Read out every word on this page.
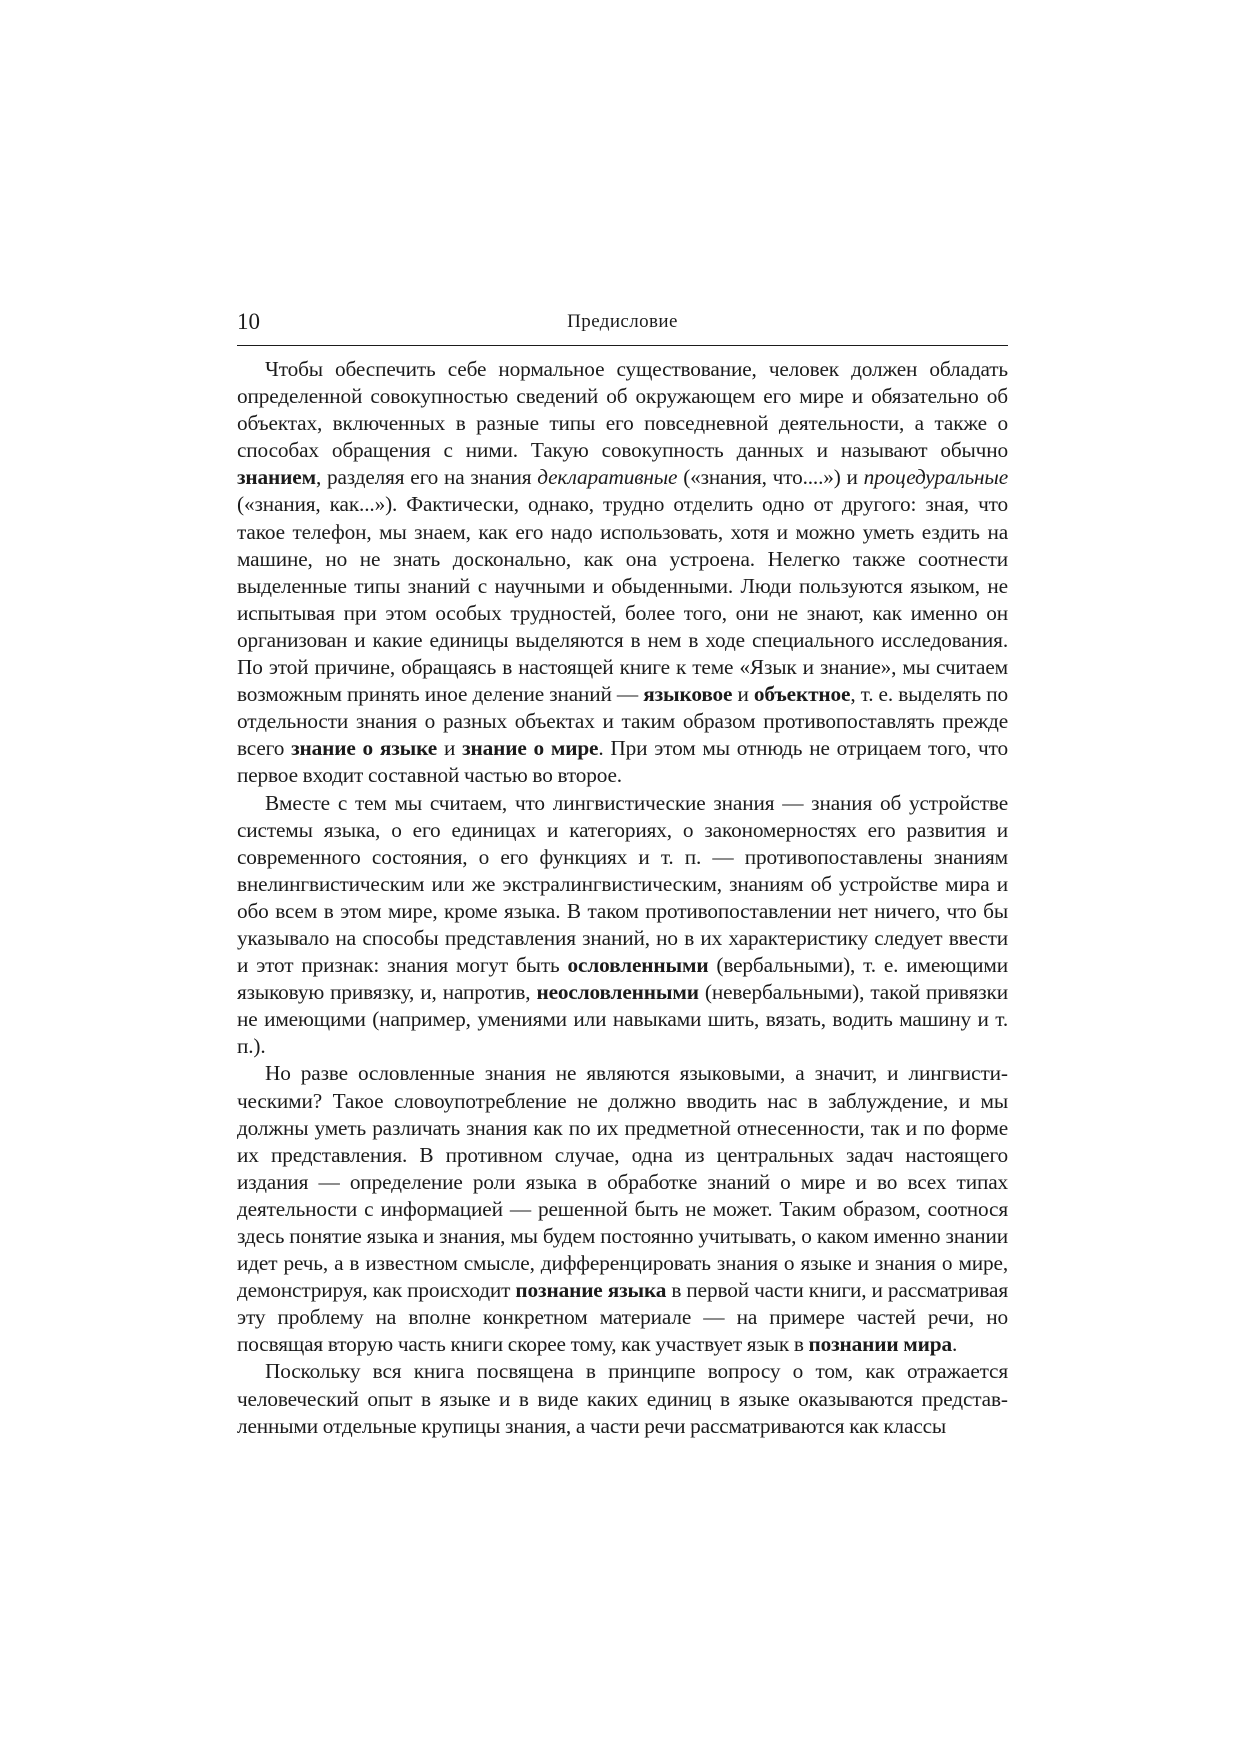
10	Предисловие

Чтобы обеспечить себе нормальное существование, человек должен обладать определенной совокупностью сведений об окружающем его мире и обязательно об объектах, включенных в разные типы его повседневной деятельности, а также о способах обращения с ними. Такую совокупность данных и называют обычно знанием, разделяя его на знания декларативные («знания, что....») и процедуральные («знания, как...»). Фактически, однако, трудно отделить одно от другого: зная, что такое телефон, мы знаем, как его надо использовать, хотя и можно уметь ездить на машине, но не знать досконально, как она устроена. Нелегко также соотнести выделенные типы знаний с научными и обыденными. Люди пользуются языком, не испытывая при этом особых трудностей, более того, они не знают, как именно он организован и какие единицы выделяются в нем в ходе специального исследования. По этой причине, обращаясь в настоящей книге к теме «Язык и знание», мы считаем возможным принять иное деление знаний — языковое и объектное, т. е. выделять по отдельности знания о разных объектах и таким образом противопоставлять прежде всего знание о языке и знание о мире. При этом мы отнюдь не отрицаем того, что первое входит составной частью во второе.

Вместе с тем мы считаем, что лингвистические знания — знания об устройстве системы языка, о его единицах и категориях, о закономерностях его развития и современного состояния, о его функциях и т. п. — противопоставлены знаниям внелингвистическим или же экстралингвистическим, знаниям об устройстве мира и обо всем в этом мире, кроме языка. В таком противопоставлении нет ничего, что бы указывало на способы представления знаний, но в их характеристику следует ввести и этот признак: знания могут быть ословленными (вербальными), т. е. имеющими языковую привязку, и, напротив, неословленными (невербальными), такой привязки не имеющими (например, умениями или навыками шить, вязать, водить машину и т. п.).

Но разве ословленные знания не являются языковыми, а значит, и лингвистическими? Такое словоупотребление не должно вводить нас в заблуждение, и мы должны уметь различать знания как по их предметной отнесенности, так и по форме их представления. В противном случае, одна из центральных задач настоящего издания — определение роли языка в обработке знаний о мире и во всех типах деятельности с информацией — решенной быть не может. Таким образом, соотнося здесь понятие языка и знания, мы будем постоянно учитывать, о каком именно знании идет речь, а в известном смысле, дифференцировать знания о языке и знания о мире, демонстрируя, как происходит познание языка в первой части книги, и рассматривая эту проблему на вполне конкретном материале — на примере частей речи, но посвящая вторую часть книги скорее тому, как участвует язык в познании мира.

Поскольку вся книга посвящена в принципе вопросу о том, как отражается человеческий опыт в языке и в виде каких единиц в языке оказываются представленными отдельные крупицы знания, а части речи рассматриваются как классы
